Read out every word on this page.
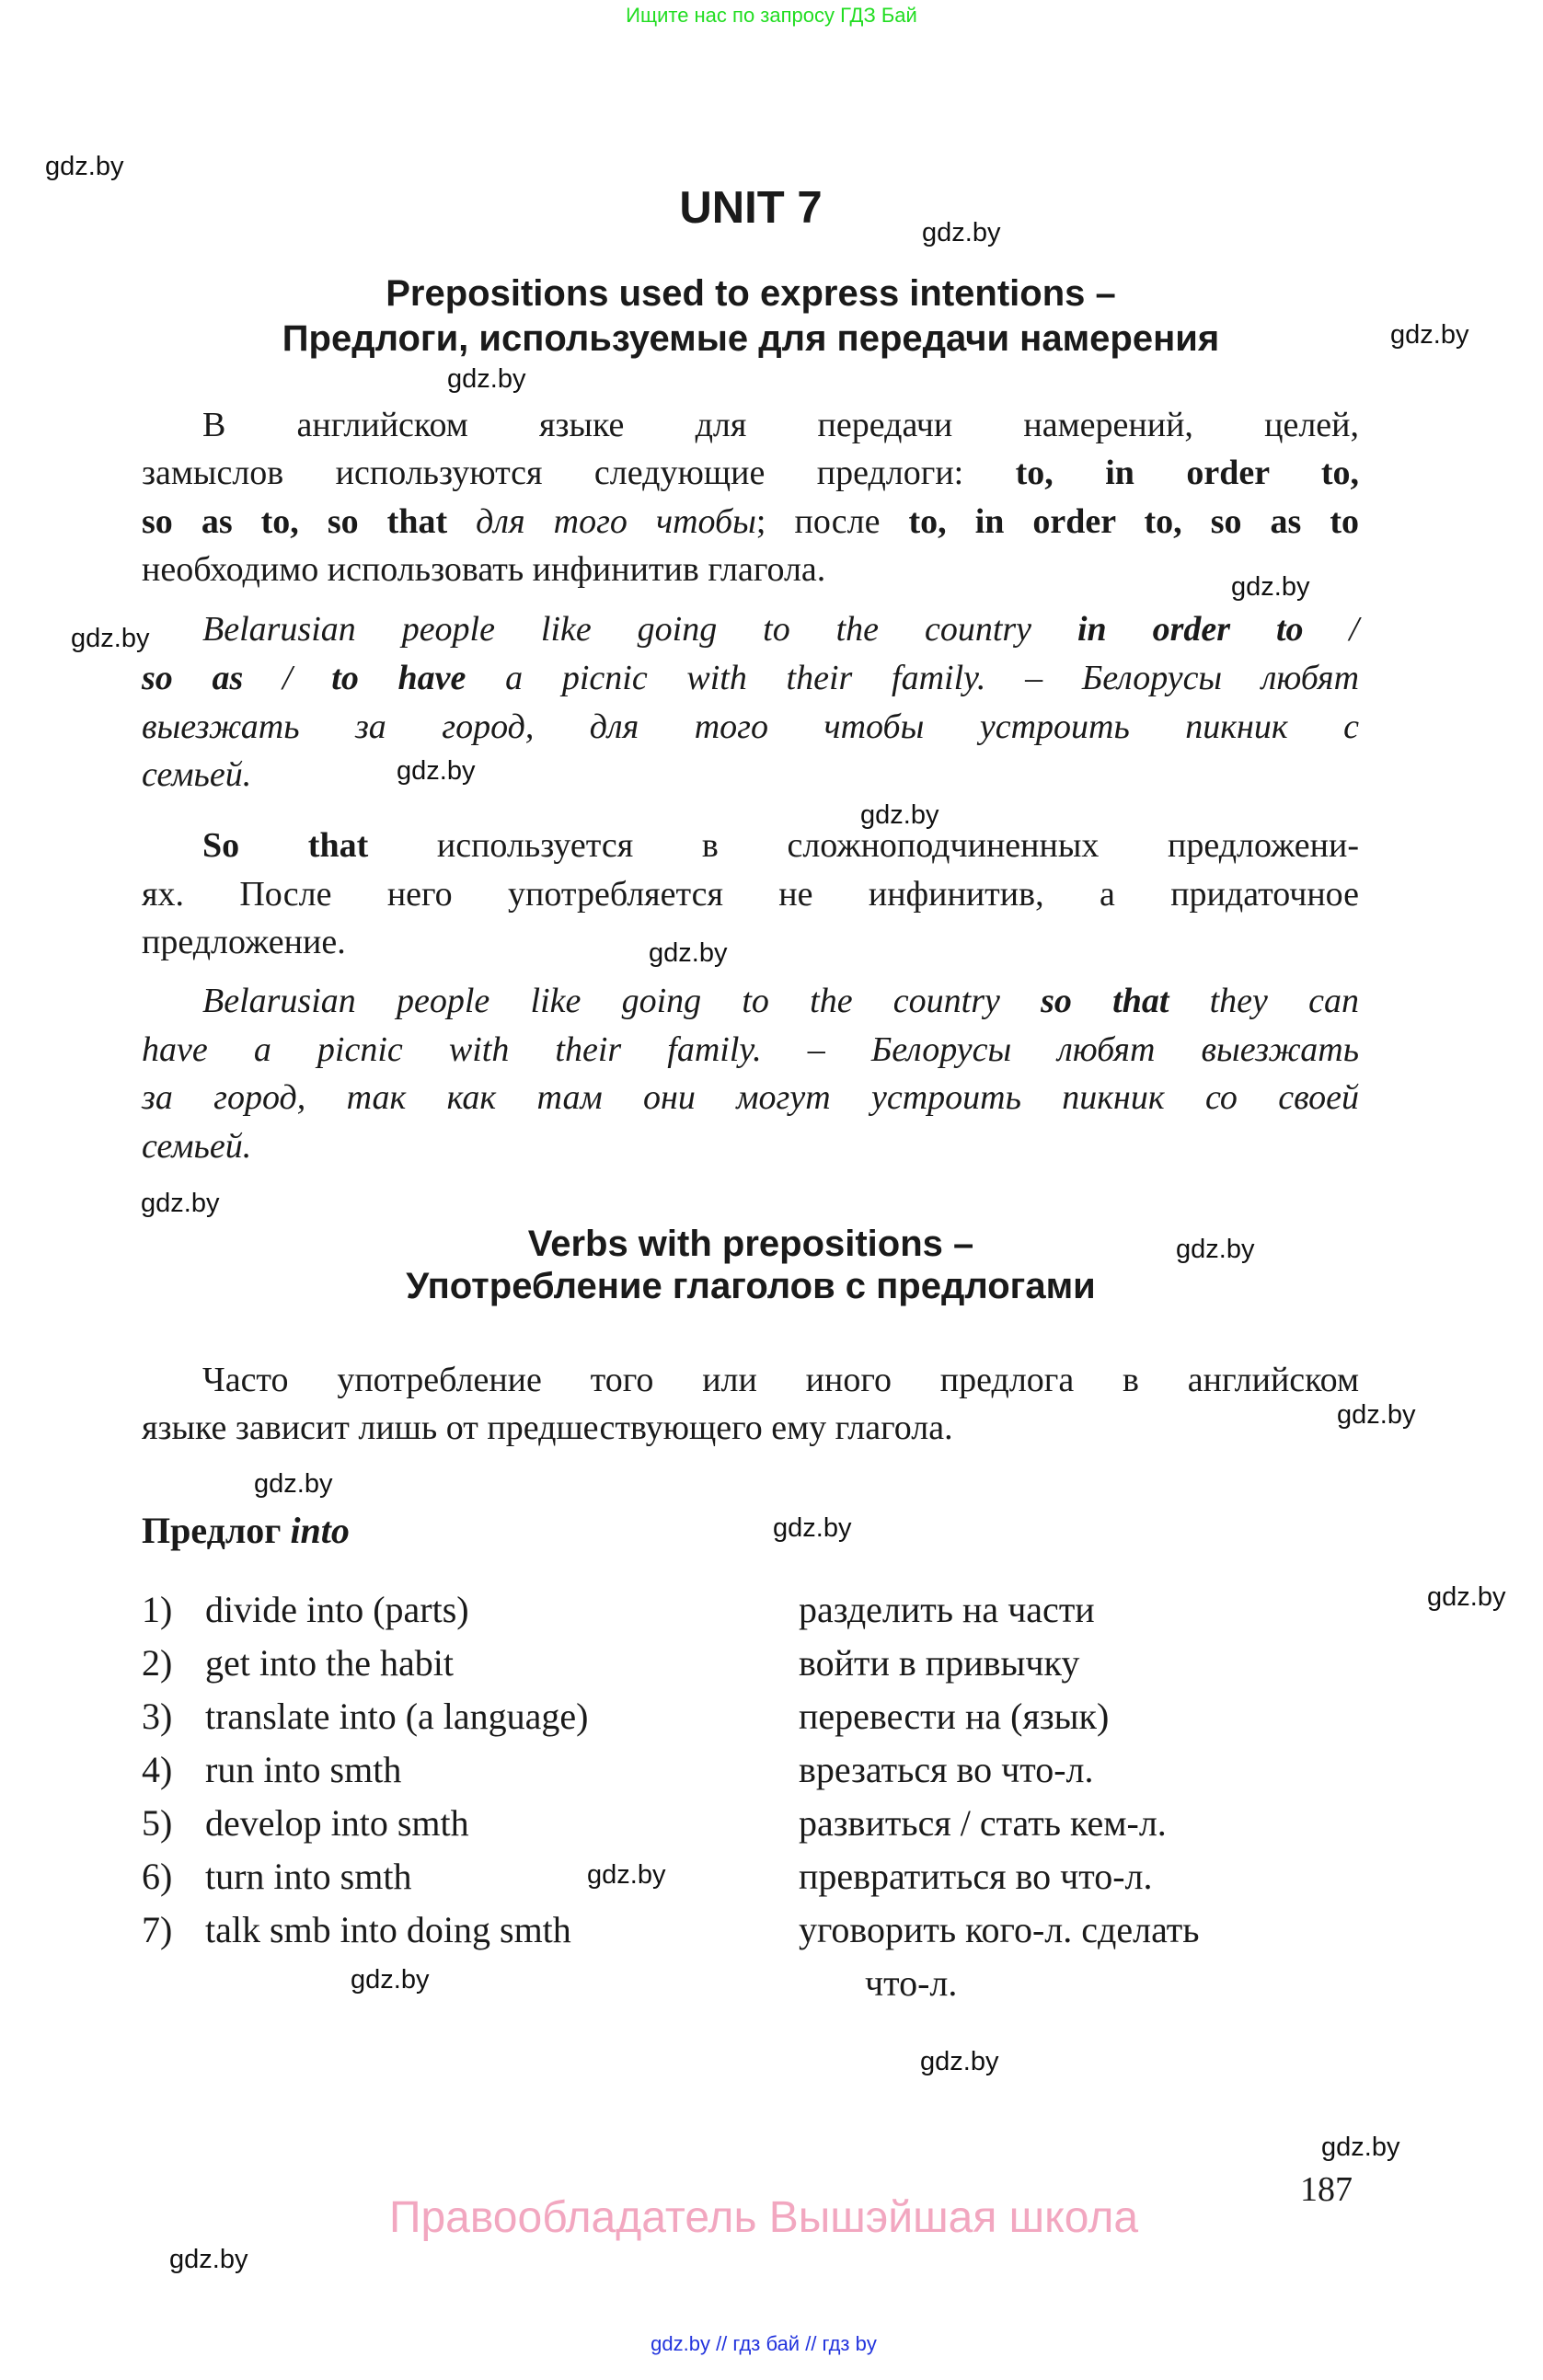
Ищите нас по запросу ГДЗ Бай
gdz.by
gdz.by
gdz.by
gdz.by
gdz.by
gdz.by
gdz.by
gdz.by
gdz.by
gdz.by
gdz.by
gdz.by
gdz.by
gdz.by
gdz.by
gdz.by
gdz.by
gdz.by
gdz.by
gdz.by
UNIT 7
Prepositions used to express intentions –
Предлоги, используемые для передачи намерения
В английском языке для передачи намерений, целей,
замыслов используются следующие предлоги: to, in order to,
so as to, so that для того чтобы; после to, in order to, so as to
необходимо использовать инфинитив глагола.
Belarusian people like going to the country in order to /
so as / to have a picnic with their family. – Белорусы любят
выезжать за город, для того чтобы устроить пикник с
семьей.
So that используется в сложноподчиненных предложени-
ях. После него употребляется не инфинитив, а придаточное
предложение.
Belarusian people like going to the country so that they can
have a picnic with their family. – Белорусы любят выезжать
за город, так как там они могут устроить пикник со своей
семьей.
Verbs with prepositions –
Употребление глаголов с предлогами
Часто употребление того или иного предлога в английском
языке зависит лишь от предшествующего ему глагола.
Предлог into
1) divide into (parts)	разделить на части
2) get into the habit	войти в привычку
3) translate into (a language)	перевести на (язык)
4) run into smth	врезаться во что-л.
5) develop into smth	развиться / стать кем-л.
6) turn into smth	превратиться во что-л.
7) talk smb into doing smth	уговорить кого-л. сделать
что-л.
187
Правообладатель Вышэйшая школа
gdz.by // гдз бай // гдз by
